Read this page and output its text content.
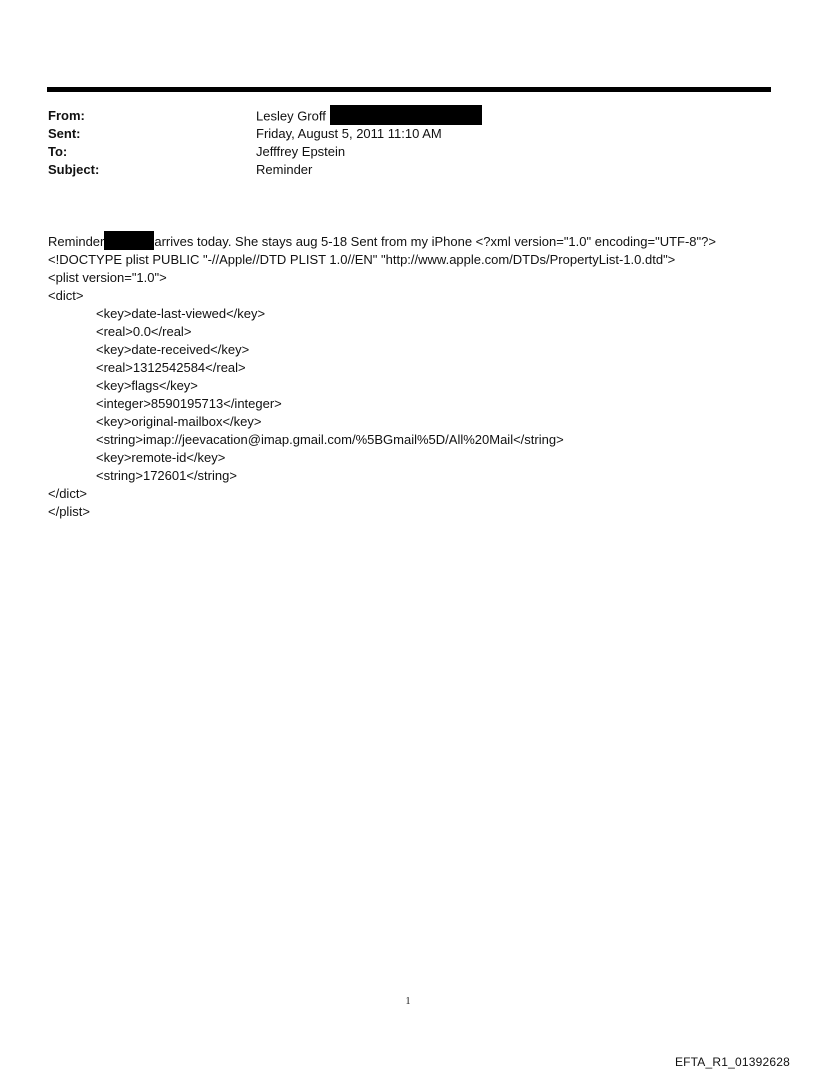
From:	Lesley Groff
Sent:	Friday, August 5, 2011 11:10 AM
To:	Jefffrey Epstein
Subject:	Reminder
Reminder	arrives today. She stays aug 5-18 Sent from my iPhone <?xml version="1.0" encoding="UTF-8"?>
<!DOCTYPE plist PUBLIC "-//Apple//DTD PLIST 1.0//EN" "http://www.apple.com/DTDs/PropertyList-1.0.dtd">
<plist version="1.0">
<dict>
<key>date-last-viewed</key>
<real>0.0</real>
<key>date-received</key>
<real>1312542584</real>
<key>flags</key>
<integer>8590195713</integer>
<key>original-mailbox</key>
<string>imap://jeevacation@imap.gmail.com/%5BGmail%5D/All%20Mail</string>
<key>remote-id</key>
<string>172601</string>
</dict>
</plist>
1
EFTA_R1_01392628
